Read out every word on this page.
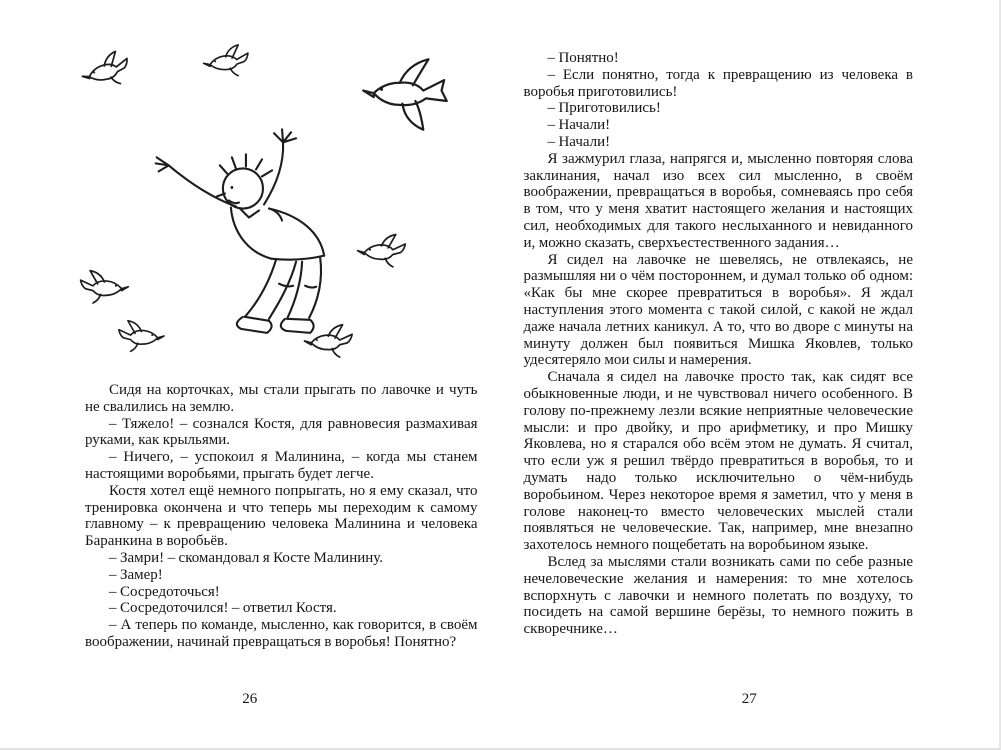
Сидя на корточках, мы стали прыгать по лавочке и чуть не свалились на землю.

– Тяжело! – сознался Костя, для равновесия размахивая руками, как крыльями.

– Ничего, – успокоил я Малинина, – когда мы станем настоящими воробьями, прыгать будет легче.

Костя хотел ещё немного попрыгать, но я ему сказал, что тренировка окончена и что теперь мы переходим к самому главному – к превращению человека Малинина и человека Баранкина в воробьёв.

– Замри! – скомандовал я Косте Малинину.

– Замер!

– Сосредоточься!

– Сосредоточился! – ответил Костя.

– А теперь по команде, мысленно, как говорится, в своём воображении, начинай превращаться в воробья! Понятно?

26

– Понятно!

– Если понятно, тогда к превращению из человека в воробья приготовились!

– Приготовились!

– Начали!

– Начали!

Я зажмурил глаза, напрягся и, мысленно повторяя слова заклинания, начал изо всех сил мысленно, в своём воображении, превращаться в воробья, сомневаясь про себя в том, что у меня хватит настоящего желания и настоящих сил, необходимых для такого неслыханного и невиданного и, можно сказать, сверхъестественного задания…

Я сидел на лавочке не шевелясь, не отвлекаясь, не размышляя ни о чём постороннем, и думал только об одном: «Как бы мне скорее превратиться в воробья». Я ждал наступления этого момента с такой силой, с какой не ждал даже начала летних каникул. А то, что во дворе с минуты на минуту должен был появиться Мишка Яковлев, только удесятеряло мои силы и намерения.

Сначала я сидел на лавочке просто так, как сидят все обыкновенные люди, и не чувствовал ничего особенного. В голову по-прежнему лезли всякие неприятные человеческие мысли: и про двойку, и про арифметику, и про Мишку Яковлева, но я старался обо всём этом не думать. Я считал, что если уж я решил твёрдо превратиться в воробья, то и думать надо только исключительно о чём-нибудь воробьином. Через некоторое время я заметил, что у меня в голове наконец-то вместо человеческих мыслей стали появляться не человеческие. Так, например, мне внезапно захотелось немного пощебетать на воробьином языке.

Вслед за мыслями стали возникать сами по себе разные нечеловеческие желания и намерения: то мне хотелось вспорхнуть с лавочки и немного полетать по воздуху, то посидеть на самой вершине берёзы, то немного пожить в скворечнике…

27
